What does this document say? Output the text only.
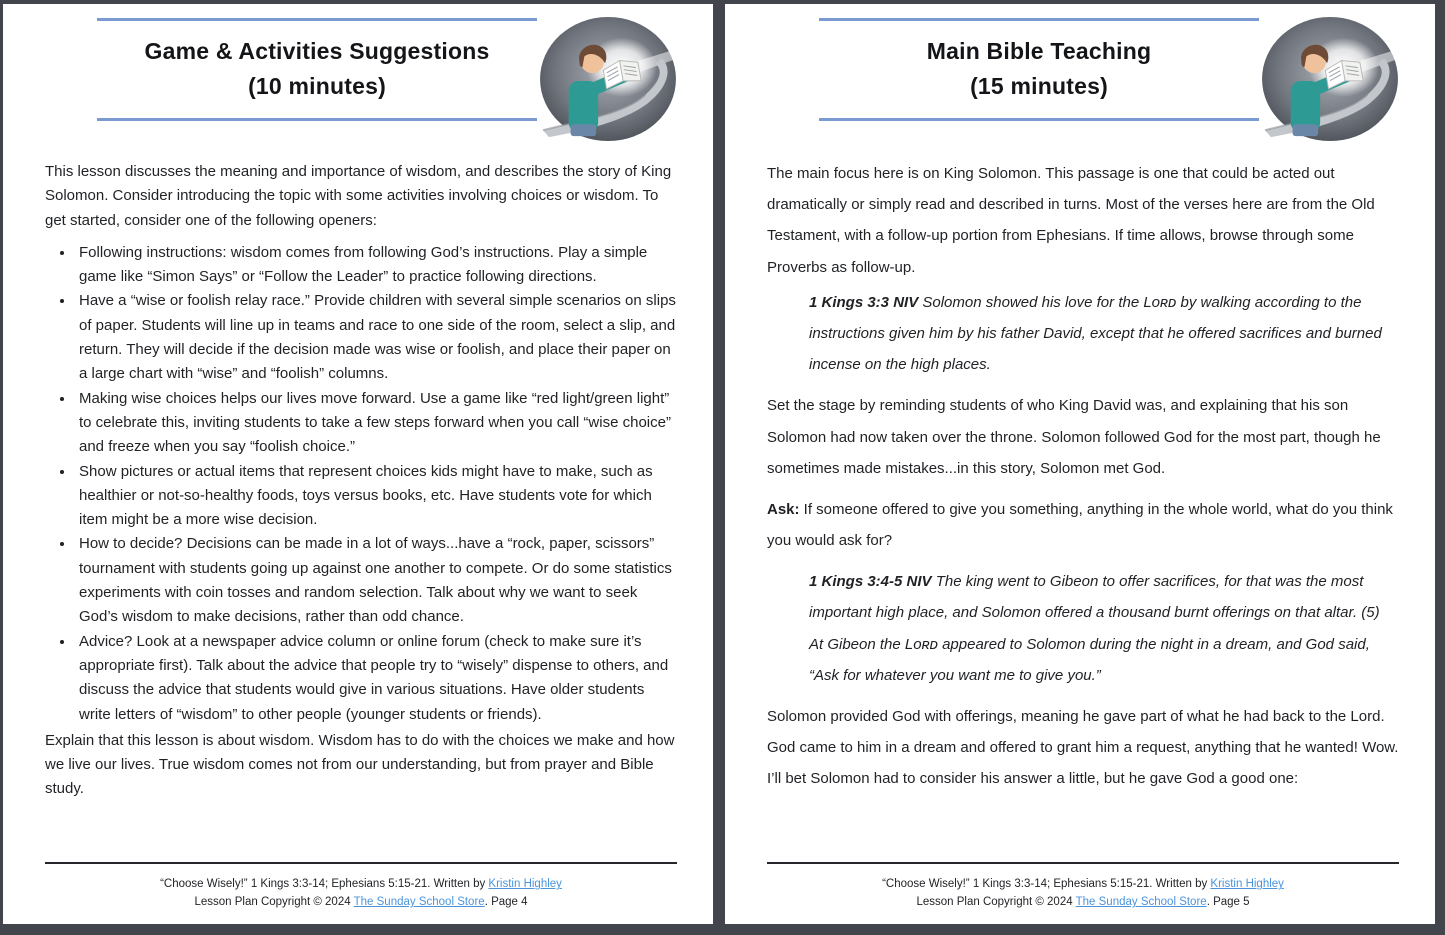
Game & Activities Suggestions
(10 minutes)

This lesson discusses the meaning and importance of wisdom, and describes the story of King Solomon. Consider introducing the topic with some activities involving choices or wisdom. To get started, consider one of the following openers:

• Following instructions: wisdom comes from following God’s instructions. Play a simple game like “Simon Says” or “Follow the Leader” to practice following directions.
• Have a “wise or foolish relay race.” Provide children with several simple scenarios on slips of paper. Students will line up in teams and race to one side of the room, select a slip, and return. They will decide if the decision made was wise or foolish, and place their paper on a large chart with “wise” and “foolish” columns.
• Making wise choices helps our lives move forward. Use a game like “red light/green light” to celebrate this, inviting students to take a few steps forward when you call “wise choice” and freeze when you say “foolish choice.”
• Show pictures or actual items that represent choices kids might have to make, such as healthier or not-so-healthy foods, toys versus books, etc. Have students vote for which item might be a more wise decision.
• How to decide? Decisions can be made in a lot of ways...have a “rock, paper, scissors” tournament with students going up against one another to compete. Or do some statistics experiments with coin tosses and random selection. Talk about why we want to seek God’s wisdom to make decisions, rather than odd chance.
• Advice? Look at a newspaper advice column or online forum (check to make sure it’s appropriate first). Talk about the advice that people try to “wisely” dispense to others, and discuss the advice that students would give in various situations. Have older students write letters of “wisdom” to other people (younger students or friends).

Explain that this lesson is about wisdom. Wisdom has to do with the choices we make and how we live our lives. True wisdom comes not from our understanding, but from prayer and Bible study.

“Choose Wisely!” 1 Kings 3:3-14; Ephesians 5:15-21. Written by Kristin Highley
Lesson Plan Copyright © 2024 The Sunday School Store. Page 4
Main Bible Teaching
(15 minutes)

The main focus here is on King Solomon. This passage is one that could be acted out dramatically or simply read and described in turns. Most of the verses here are from the Old Testament, with a follow-up portion from Ephesians. If time allows, browse through some Proverbs as follow-up.

1 Kings 3:3 NIV Solomon showed his love for the Lᴏʀᴅ by walking according to the instructions given him by his father David, except that he offered sacrifices and burned incense on the high places.

Set the stage by reminding students of who King David was, and explaining that his son Solomon had now taken over the throne. Solomon followed God for the most part, though he sometimes made mistakes...in this story, Solomon met God.

Ask: If someone offered to give you something, anything in the whole world, what do you think you would ask for?

1 Kings 3:4-5 NIV The king went to Gibeon to offer sacrifices, for that was the most important high place, and Solomon offered a thousand burnt offerings on that altar. (5) At Gibeon the Lᴏʀᴅ appeared to Solomon during the night in a dream, and God said, “Ask for whatever you want me to give you.”

Solomon provided God with offerings, meaning he gave part of what he had back to the Lord. God came to him in a dream and offered to grant him a request, anything that he wanted! Wow. I’ll bet Solomon had to consider his answer a little, but he gave God a good one:

“Choose Wisely!” 1 Kings 3:3-14; Ephesians 5:15-21. Written by Kristin Highley
Lesson Plan Copyright © 2024 The Sunday School Store. Page 5
